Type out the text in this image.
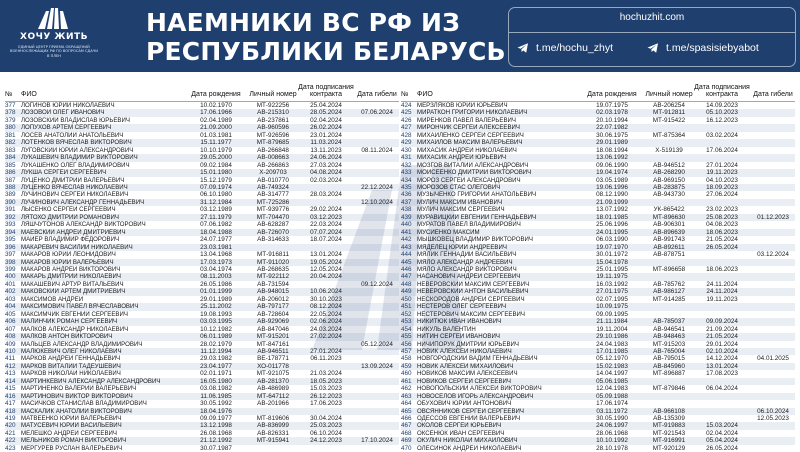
ХОЧУ ЖИТЬ
ЕДИНЫЙ ЦЕНТР ПРИЕМА ОБРАЩЕНИЙ ВОЕННОСЛУЖАЩИХ РФ ПО ВОПРОСАМ СДАЧИ В ПЛЕН
НАЕМНИКИ ВС РФ ИЗ
РЕСПУБЛИКИ БЕЛАРУСЬ
hochuzhit.com
t.me/hochu_zhyt	t.me/spasisiebyabot
№	ФИО	Дата рождения	Личный номер
Дата подписания контракта	Дата гибели
377 ЛОГИНОВ ЮРИЙ НИКОЛАЕВИЧ	10.02.1970	МТ-922256	25.04.2024
378 ЛОЗОВОЙ ОЛЕГ ИВАНОВИЧ	17.06.1966	АВ-215310	28.05.2024	07.06.2024
379 ЛОЗОВСКИЙ ВЛАДИСЛАВ ЮРЬЕВИЧ	02.04.1989	АВ-237861	02.04.2024
380 ЛОПУХОВ АРТЕМ СЕРГЕЕВИЧ	21.09.2000	АВ-960596	26.02.2024
381 ЛОСЕВ АНАТОЛИЙ АНАТОЛЬЕВИЧ	01.03.1981	МТ-926596	23.01.2024
382 ЛОТЕНКОВ ВЯЧЕСЛАВ ВИКТОРОВИЧ	15.11.1977	МТ-879685	11.03.2024
383 ЛУГОВСКИЙ ЮРИЙ АЛЕКСАНДРОВИЧ	10.10.1979	АВ-266848	13.11.2023	08.11.2024
384 ЛУКАШЕВИЧ ВЛАДИМИР ВИКТОРОВИЧ	29.05.2000	АВ-008663	24.06.2024
385 ЛУКАШЕНКО ОЛЕГ ВЛАДИМИРОВИЧ	09.02.1984	АВ-266863	27.03.2024
386 ЛУКША СЕРГЕЙ СЕРГЕЕВИЧ	15.01.1980	Х-209703	04.08.2024
387 ЛУЦЕНКО ДМИТРИЙ ВАЛЕРЬЕВИЧ	15.12.1979	АВ-010770	02.03.2024
388 ЛУЦЕНКО ВЯЧЕСЛАВ НИКОЛАЕВИЧ	07.09.1974	АВ-749324	22.12.2024
389 ЛУЧИНОВИЧ СЕРГЕЙ НИКОЛАЕВИЧ	06.10.1980	АВ-314777	28.03.2024
390 ЛУЧИНОВИЧ АЛЕКСАНДР ГЕННАДЬЕВИЧ	31.12.1984	МТ-725286	12.10.2024
391 ЛЫСЕНКО СЕРГЕЙ СЕРГЕЕВИЧ	03.12.1989	МТ-939776	29.02.2024
392 ЛЯТОХО ДМИТРИЙ РОМАНОВИЧ	27.11.1979	МТ-704470	03.12.2023
393 ЛЯШЧУТОНОВ АЛЕКСАНДР ВИКТОРОВИЧ	07.06.1982	АВ-628287	22.03.2024
394 МАЕВСКИЙ АНДРЕЙ ДМИТРИЕВИЧ	18.04.1988	АВ-726070	07.07.2024
395 МАЙЕР ВЛАДИМИР ФЕДОРОВИЧ	24.07.1977	АВ-314633	18.07.2024
396 МАКАРЕВИЧ ВАСИЛИЙ НИКОЛАЕВИЧ	23.03.1981
397 МАКАРОВ ЮРИЙ ЛЕОНИДОВИЧ	13.04.1968	МТ-916811	13.01.2024
398 МАКАРОВ ЮРИЙ ВАЛЕРЬЕВИЧ	17.03.1973	МТ-911020	19.05.2024
399 МАКАРОВ АНДРЕЙ ВИКТОРОВИЧ	03.04.1974	АВ-268635	12.05.2024
400 МАКАРЬ ДМИТРИЙ НИКОЛАЕВИЧ	08.11.2003	МТ-922112	20.04.2024
401 МАКАШЕВИЧ АРТУР ВИТАЛЬЕВИЧ	26.05.1986	АВ-731594	09.12.2024
402 МАКОВСКИЙ АРТЕМ ДМИТРИЕВИЧ	01.01.1999	АВ-948015	10.06.2024
403 МАКСИМОВ АНДРЕЙ	29.01.1989	АВ-206012	30.10.2023
404 МАКСИМОВИЧ ПАВЕЛ ВЯЧЕСЛАВОВИЧ	25.11.2002	АВ-797177	08.12.2024
405 МАКСИМЧИК ЕВГЕНИЙ СЕРГЕЕВИЧ	19.08.1993	АВ-728604	22.05.2024
406 МАЛИНЧИК РОМАН СЕРГЕЕВИЧ	03.03.1995	АВ-929069	02.06.2024
407 МАЛКОВ АЛЕКСАНДР НИКОЛАЕВИЧ	10.12.1982	АВ-847046	24.03.2024
408 МАЛКОВ АНТОН ВИКТОРОВИЧ	06.01.1989	МТ-915201	27.02.2024
409 МАЛЬЦЕВ АЛЕКСАНДР ВЛАДИМИРОВИЧ	28.02.1979	МТ-847161	05.12.2024
410 МАЛЮКЕВИЧ ОЛЕГ НИКОЛАЕВИЧ	11.12.1994	АВ-946511	27.01.2024
411 МАРКОВ АНДРЕЙ ГЕННАДЬЕВИЧ	29.03.1982	ВЕ-178771	06.11.2023
412 МАРКОВ ВИТАЛИЙ ТАДЕУШЕВИЧ	23.04.1977	ХО-011778	13.09.2024
413 МАРКОВ НИКОЛАЙ НИКОЛАЕВИЧ	02.01.1971	МТ-921075	21.03.2024
414 МАРТИНКЕВИЧ АЛЕКСАНДР АЛЕКСАНДРОВИЧ	16.05.1980	АВ-281370	18.05.2023
415 МАРТИНЕНКО ВАЛЕРИЙ ВАЛЕРЬЕВИЧ	03.08.1982	АВ-486989	15.03.2023
416 МАРТИНОВИЧ ВИКТОР ВИКТОРОВИЧ	11.06.1985	МТ-647112	26.12.2023
417 МАСИЧКОВ СТАНИСЛАВ ВЛАДИМИРОВИЧ	30.05.1992	АВ-201966	17.06.2023
418 МАСКАЛИК АНАТОЛИЙ ВИКТОРОВИЧ	18.04.1976
419 МАТВЕЕНКО ЮРИЙ ВАЛЕРЬЕВИЧ	09.09.1977	МТ-819606	30.04.2024
420 МАТУСЕВИЧ ЮРИЙ ВАСИЛЬЕВИЧ	13.12.1998	АВ-836999	25.03.2023
421 МЕЛЕШКО АНДРЕЙ СЕРГЕЕВИЧ	26.08.1968	АВ-826331	06.10.2024
422 МЕЛЬНИКОВ РОМАН ВИКТОРОВИЧ	21.12.1992	МТ-915941	24.12.2023	17.10.2024
423 МЕРГУРЕВ РУСЛАН ВАЛЕРЬЕВИЧ	30.07.1987
№	ФИО	Дата рождения	Личный номер
Дата подписания контракта	Дата гибели
424 МЕРЗЛЯКОВ ЮРИЙ ЮРЬЕВИЧ	19.07.1975	АВ-206254	14.09.2023
425 МИРАТКОН ГРИГОРИЙ НИКОЛАЕВИЧ	02.03.1978	МТ-912811	05.10.2023
426 МИРЕНКОВ ПАВЕЛ ВАЛЕРЬЕВИЧ	20.10.1994	МТ-915422	16.12.2023
427 МИРОНЧИК СЕРГЕЙ АЛЕКСЕЕВИЧ	22.07.1982
428 МИХАЙЛЕНКО СЕРГЕЙ СЕРГЕЕВИЧ	30.06.1975	МТ-875364	03.02.2024
429 МИХАЙЛОВ МАКСИМ ВАЛЕРЬЕВИЧ	29.01.1989
430 МИХАСИК АНДРЕЙ НИКОЛАЕВИЧ	18.08.1994	Х-519139	17.06.2024
431 МИХАСИК АНДРЕЙ ЮРЬЕВИЧ	13.06.1992
432 МОЗГОВ ВИТАЛИЙ АЛЕКСАНДРОВИЧ	09.06.1990	АВ-946512	27.01.2024
433 МОИСЕЕНКО ДМИТРИЙ ВИКТОРОВИЧ	19.04.1974	АВ-268290	19.11.2023
434 МОРОЗ СЕРГЕЙ АЛЕКСАНДРОВИЧ	03.05.1989	АВ-969150	04.10.2023
435 МОРОЗОВ СТАС ОЛЕГОВИЧ	19.06.1996	АВ-283875	18.09.2023
436 МУЗЫЧЕНКО ГРИГОРИЙ АНАТОЛЬЕВИЧ	08.12.1990	АВ-943730	27.06.2024
437 МУЛИЧ МАКСИМ ИВАНОВИЧ	21.09.1999
438 МУЛИЧ МАКСИМ СЕРГЕЕВИЧ	13.07.1992	УК-865422	23.02.2023
439 МУРАВИЦКИЙ ЕВГЕНИЙ ГЕННАДЬЕВИЧ	18.01.1985	МТ-896630	25.08.2023	01.12.2023
440 МУРАТОВ ПАВЕЛ ВЛАДИМИРОВИЧ	25.06.1996	АВ-906301	04.08.2023
441 МУСИЕНКО МАКСИМ	24.01.1995	АВ-896639	18.06.2023
442 МЫШКОВЕЦ ВЛАДИМИР ВИКТОРОВИЧ	06.03.1990	АВ-991743	21.05.2024
443 МЯДЕЛЕЦ ЮРИЙ АНДРЕЕВИЧ	19.07.1970	АВ-892611	26.05.2024
444 МЯЛИК ГЕННАДИЙ ВАСИЛЬЕВИЧ	30.01.1972	АВ-878751	03.12.2024
445 МЯЛО АЛЕКСАНДР АНДРЕЕВИЧ	15.04.1978
446 МЯЛО АЛЕКСАНДР ВИКТОРОВИЧ	25.01.1995	МТ-896658	18.06.2023
447 НАСАНОВИЧ АНДРЕЙ СЕРГЕЕВИЧ	19.11.1975
448 НЕВЕРОВСКИЙ МАКСИМ СЕРГЕЕВИЧ	16.03.1992	АВ-785762	24.11.2024
449 НЕВЕРОВСКИЙ АНТОН ВАСИЛЬЕВИЧ	27.01.1975	АВ-986127	24.11.2024
450 НЕСКОРОДОВ АНДРЕЙ СЕРГЕЕВИЧ	02.07.1995	МТ-914285	19.11.2023
451 НЕСТЕРОВ ОЛЕГ СЕРГЕЕВИЧ	10.09.1975
452 НЕСТЕРОВИЧ МАКСИМ СЕРГЕЕВИЧ	09.09.1995
453 НИКИТЮК ИВАН ИВАНОВИЧ	21.11.1984	АВ-785037	09.09.2024
454 НИКУЛЬ ВАЛЕНТИН	19.11.2004	АВ-946541	21.09.2024
455 НИТИН СЕРГЕЙ ИВАНОВИЧ	29.10.1986	АВ-948463	21.05.2024
456 НИЧИПОРУК ДМИТРИЙ ЮРЬЕВИЧ	24.04.1983	МТ-915203	29.01.2024
457 НОВИК АЛЕКСЕЙ НИКОЛАЕВИЧ	17.01.1985	АВ-765004	02.10.2024
458 НОВГОРОДСКИЙ ВАДИМ ГЕННАДЬЕВИЧ	05.12.1970	АВ-795015	14.12.2024	04.01.2025
459 НОВИК АЛЕКСЕЙ МИХАЙЛОВИЧ	15.02.1983	АВ-845960	13.01.2024
460 НОВИКОВ МАКСИМ АЛЕКСЕЕВИЧ	14.04.1997	МТ-896887	17.08.2023
461 НОВИКОВ СЕРГЕЙ СЕРГЕЕВИЧ	05.06.1985
462 НОВОПОЛЬСКИЙ АЛЕКСЕЙ ВИКТОРОВИЧ	12.04.1983	МТ-879846	06.04.2024
463 НОВОСЕЛОВ ИГОРЬ АЛЕКСАНДРОВИЧ	05.09.1988
464 ОБУХОВИЧ ЮРИЙ АНТОНОВИЧ	17.06.1974
465 ОВСЯННИКОВ СЕРГЕЙ СЕРГЕЕВИЧ	03.11.1972	АВ-966108	06.10.2024
466 ОДЕССОВ ЕВГЕНИЙ ВАЛЕРЬЕВИЧ	30.05.1990	АВ-135309	12.05.2023
467 ОКОЛОВ СЕРГЕЙ ЮРЬЕВИЧ	24.06.1997	МТ-919883	15.03.2024
468 ОКСЕНЮК ИВАН СЕРГЕЕВИЧ	28.06.1968	МТ-921543	02.04.2024
469 ОКУЛИЧ НИКОЛАЙ МИХАЙЛОВИЧ	10.10.1992	МТ-916991	05.04.2024
470 ОЛЕСИНОК АНДРЕЙ НИКОЛАЕВИЧ	28.10.1978	МТ-920129	26.05.2024
